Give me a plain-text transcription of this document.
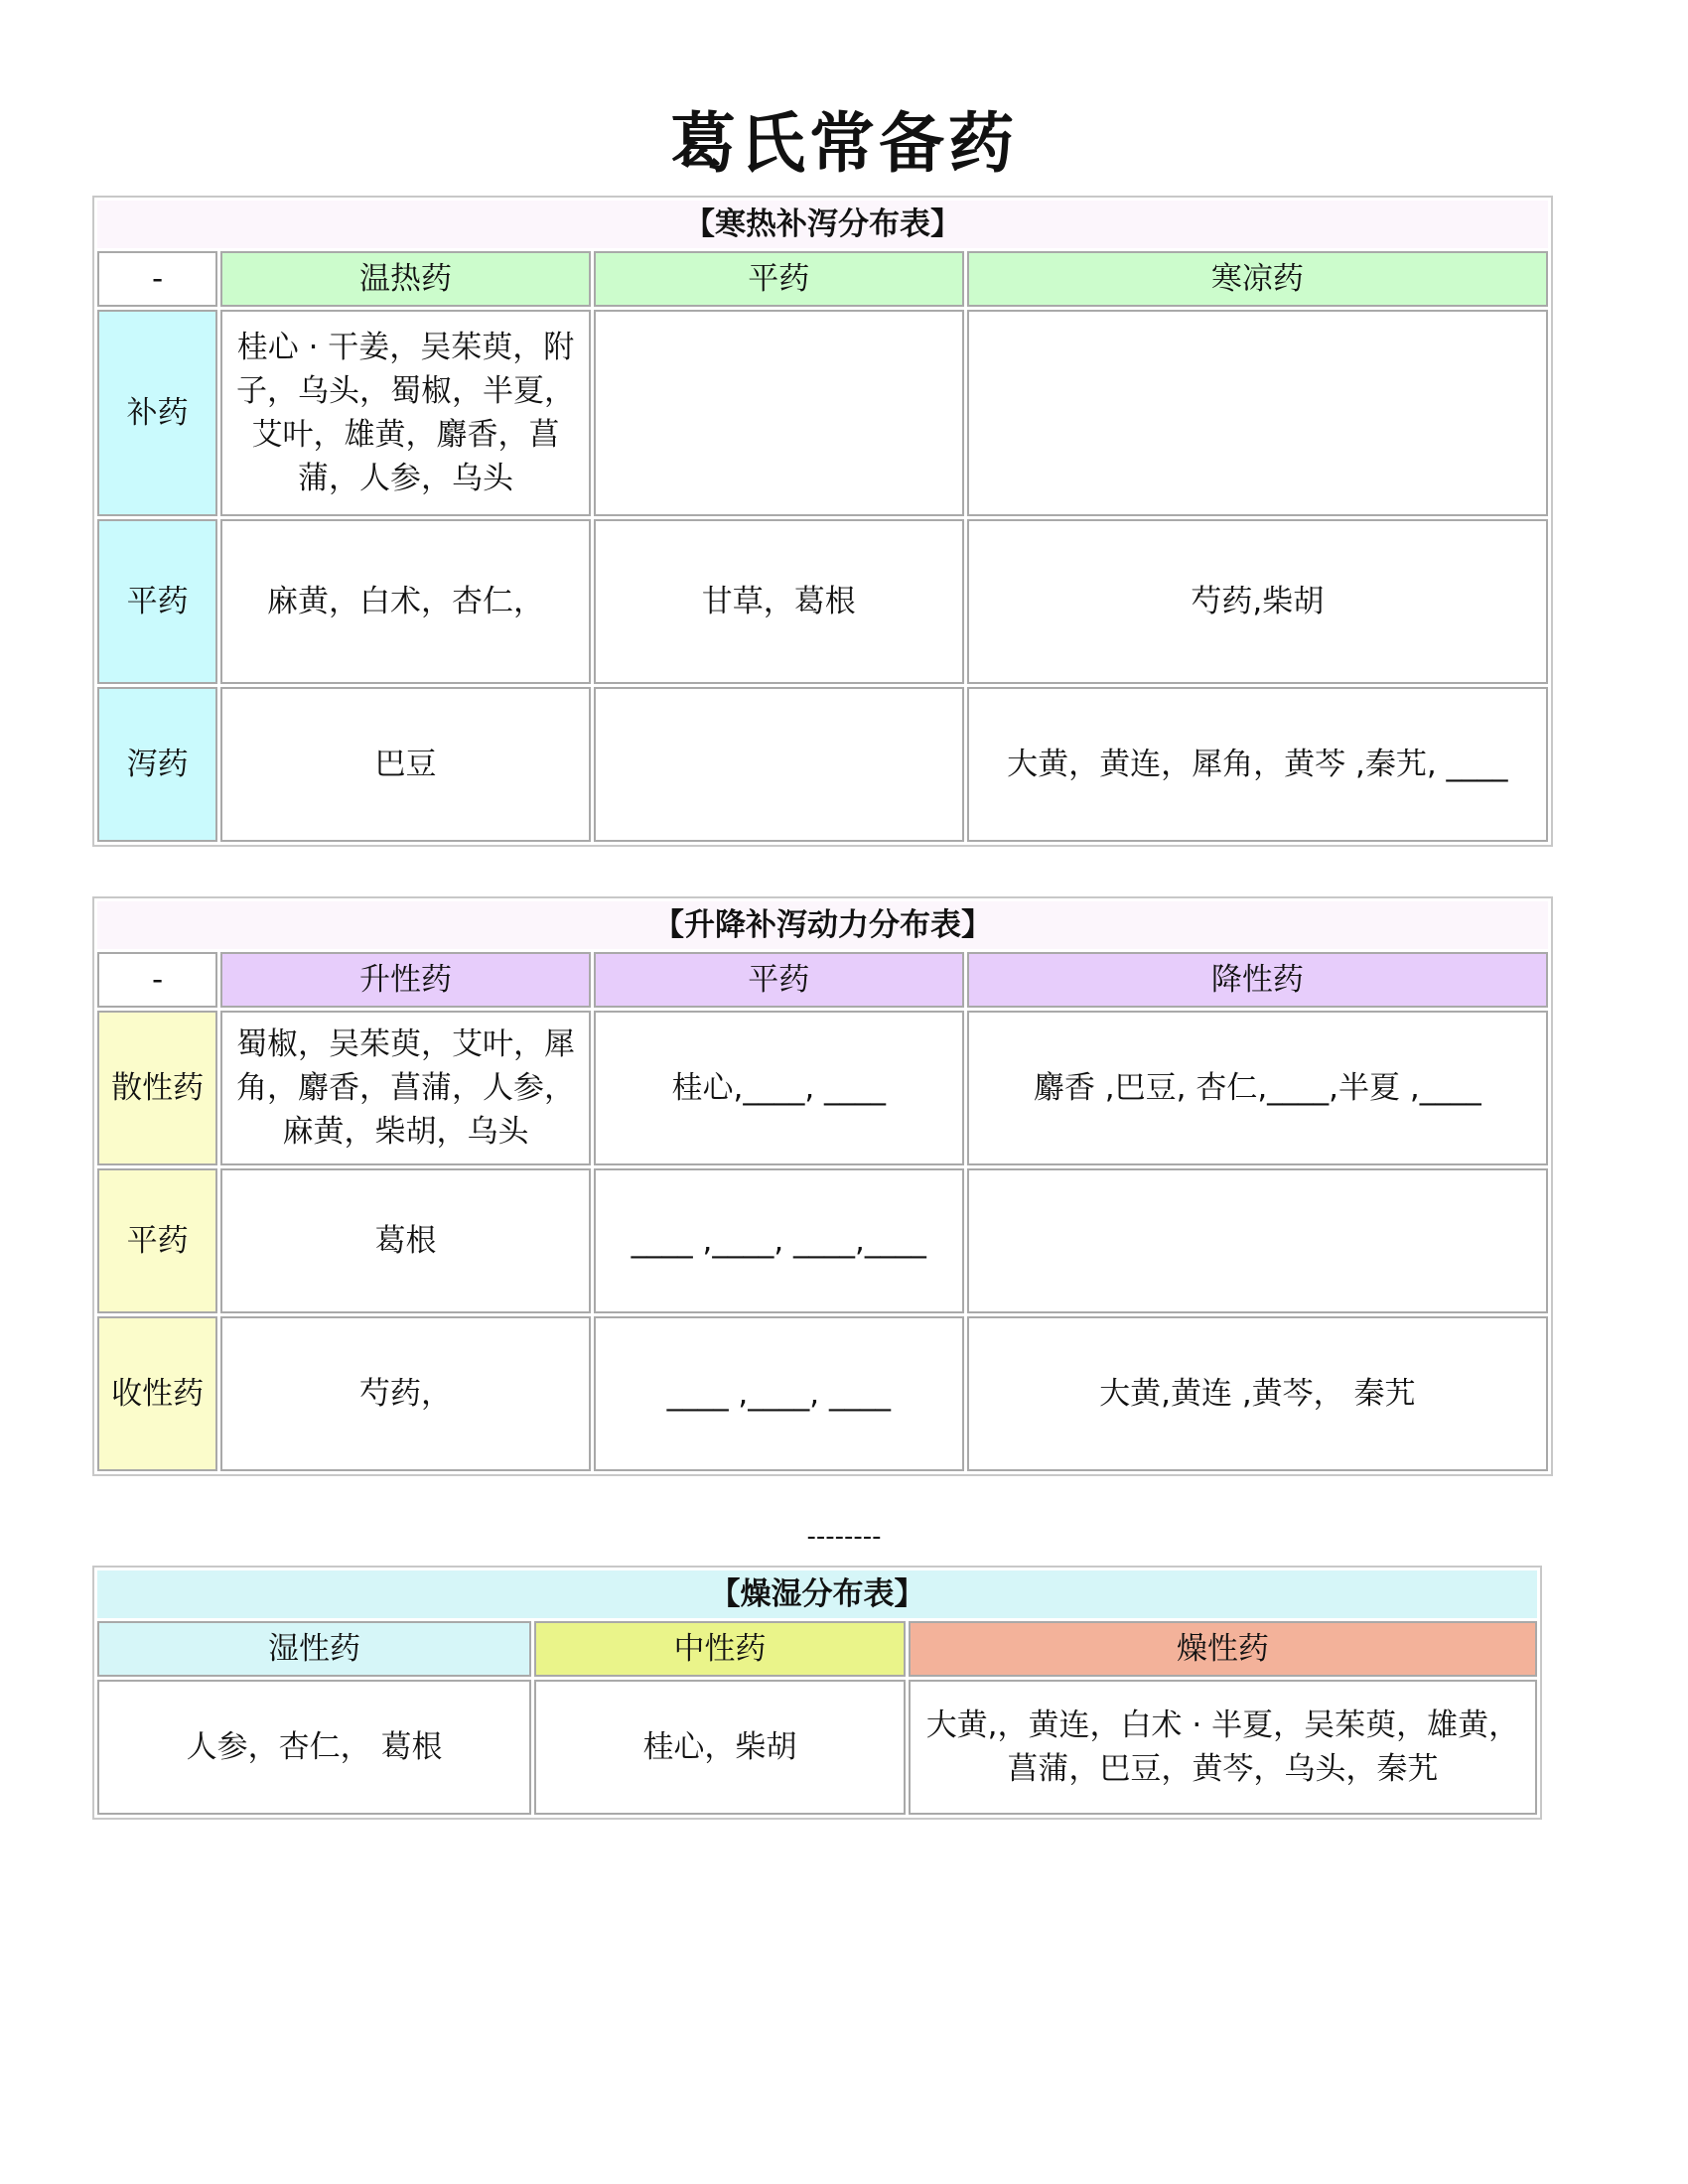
葛氏常备药
【寒热补泻分布表】			
-	温热药	平药	寒凉药
补药	桂心 · 干姜，吴茱萸，附子，乌头，蜀椒，半夏，艾叶，雄黄，麝香，菖蒲，人参，乌头		
平药	麻黄，白术，杏仁，	甘草，葛根	芍药,柴胡
泻药	巴豆		大黄，黄连，犀角，黄芩 ,秦艽, ____
【升降补泻动力分布表】			
-	升性药	平药	降性药
散性药	蜀椒，吴茱萸，艾叶，犀角，麝香，菖蒲，人参，麻黄，柴胡，乌头	桂心,____, ____	麝香 ,巴豆, 杏仁,____,半夏 ,____
平药	葛根	____ ,____, ____,____	
收性药	芍药，	____ ,____, ____	大黄,黄连 ,黄芩， 秦艽
--------
【燥湿分布表】		
湿性药	中性药	燥性药
人参，杏仁， 葛根	桂心，柴胡	大黄,，黄连，白术 · 半夏，吴茱萸，雄黄，菖蒲，巴豆，黄芩，乌头，秦艽
